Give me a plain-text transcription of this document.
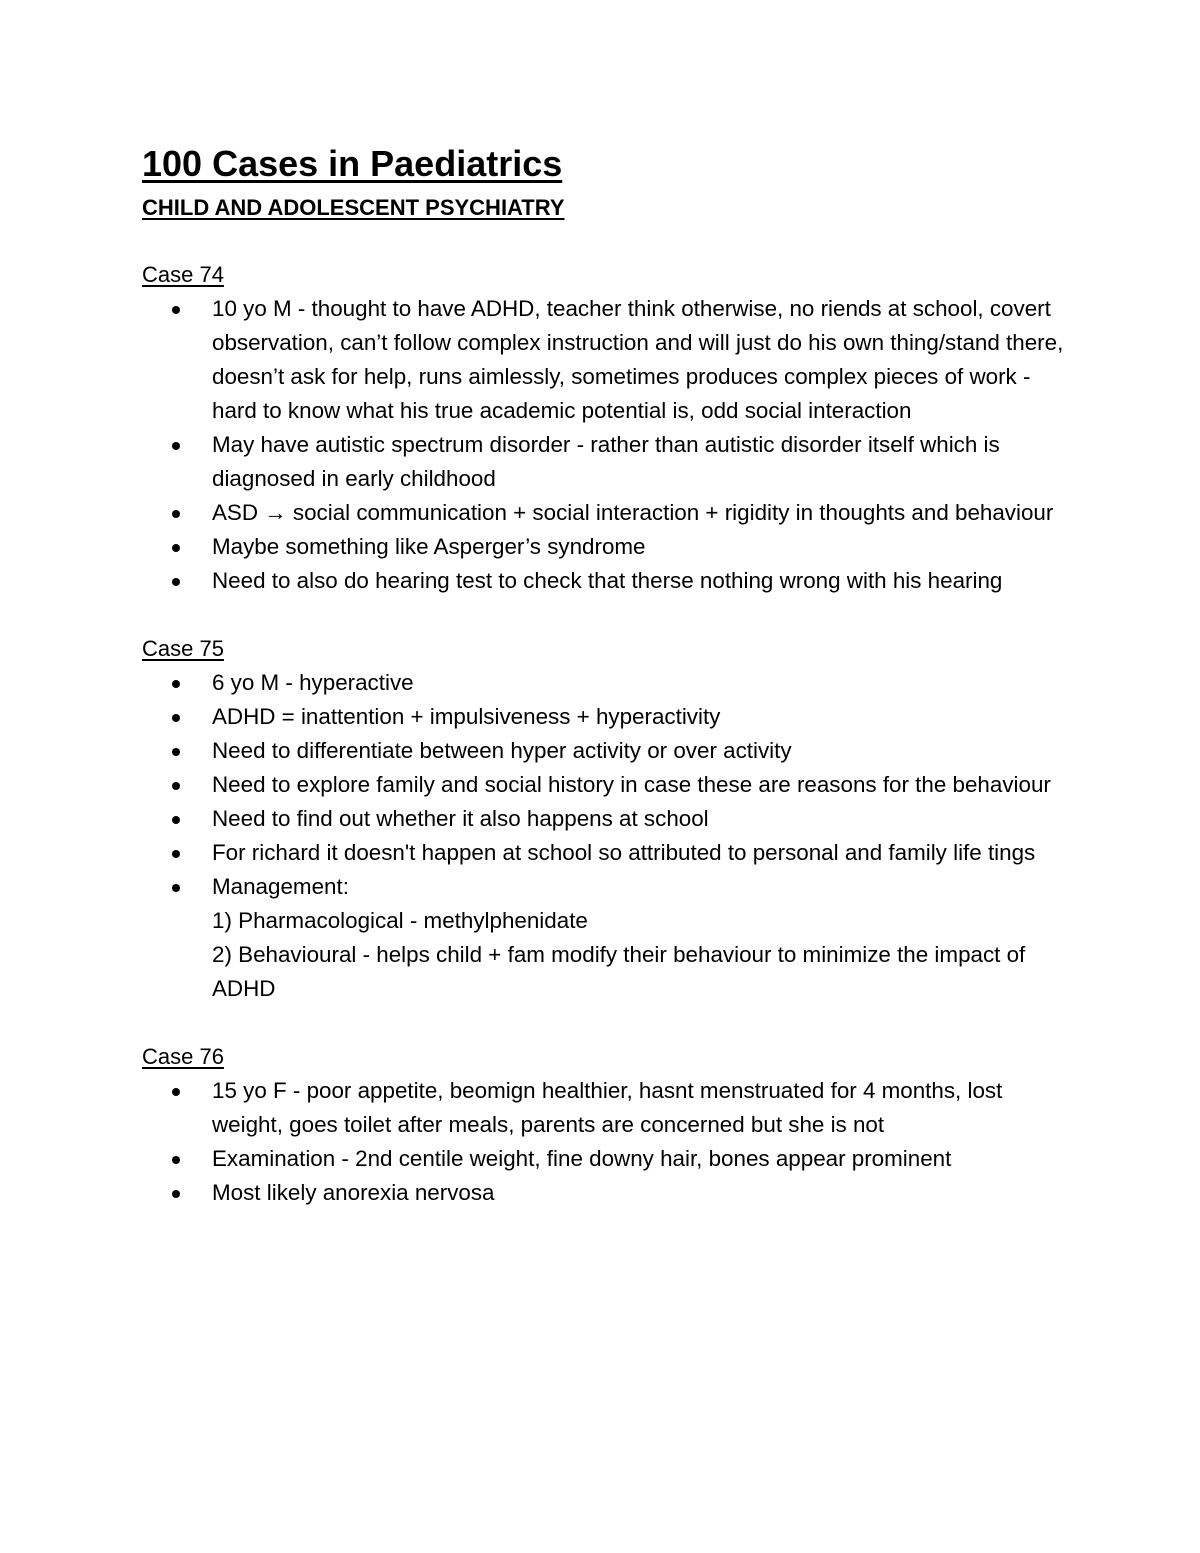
100 Cases in Paediatrics
CHILD AND ADOLESCENT PSYCHIATRY
Case 74
10 yo M - thought to have ADHD, teacher think otherwise, no riends at school, covert observation, can’t follow complex instruction and will just do his own thing/stand there, doesn’t ask for help, runs aimlessly, sometimes produces complex pieces of work - hard to know what his true academic potential is, odd social interaction
May have autistic spectrum disorder - rather than autistic disorder itself which is diagnosed in early childhood
ASD → social communication + social interaction + rigidity in thoughts and behaviour
Maybe something like Asperger’s syndrome
Need to also do hearing test to check that therse nothing wrong with his hearing
Case 75
6 yo M - hyperactive
ADHD = inattention + impulsiveness + hyperactivity
Need to differentiate between hyper activity or over activity
Need to explore family and social history in case these are reasons for the behaviour
Need to find out whether it also happens at school
For richard it doesn't happen at school so attributed to personal and family life tings
Management:
1) Pharmacological - methylphenidate
2) Behavioural - helps child + fam modify their behaviour to minimize the impact of ADHD
Case 76
15 yo F - poor appetite, beomign healthier, hasnt menstruated for 4 months, lost weight, goes toilet after meals, parents are concerned but she is not
Examination - 2nd centile weight, fine downy hair, bones appear prominent
Most likely anorexia nervosa
